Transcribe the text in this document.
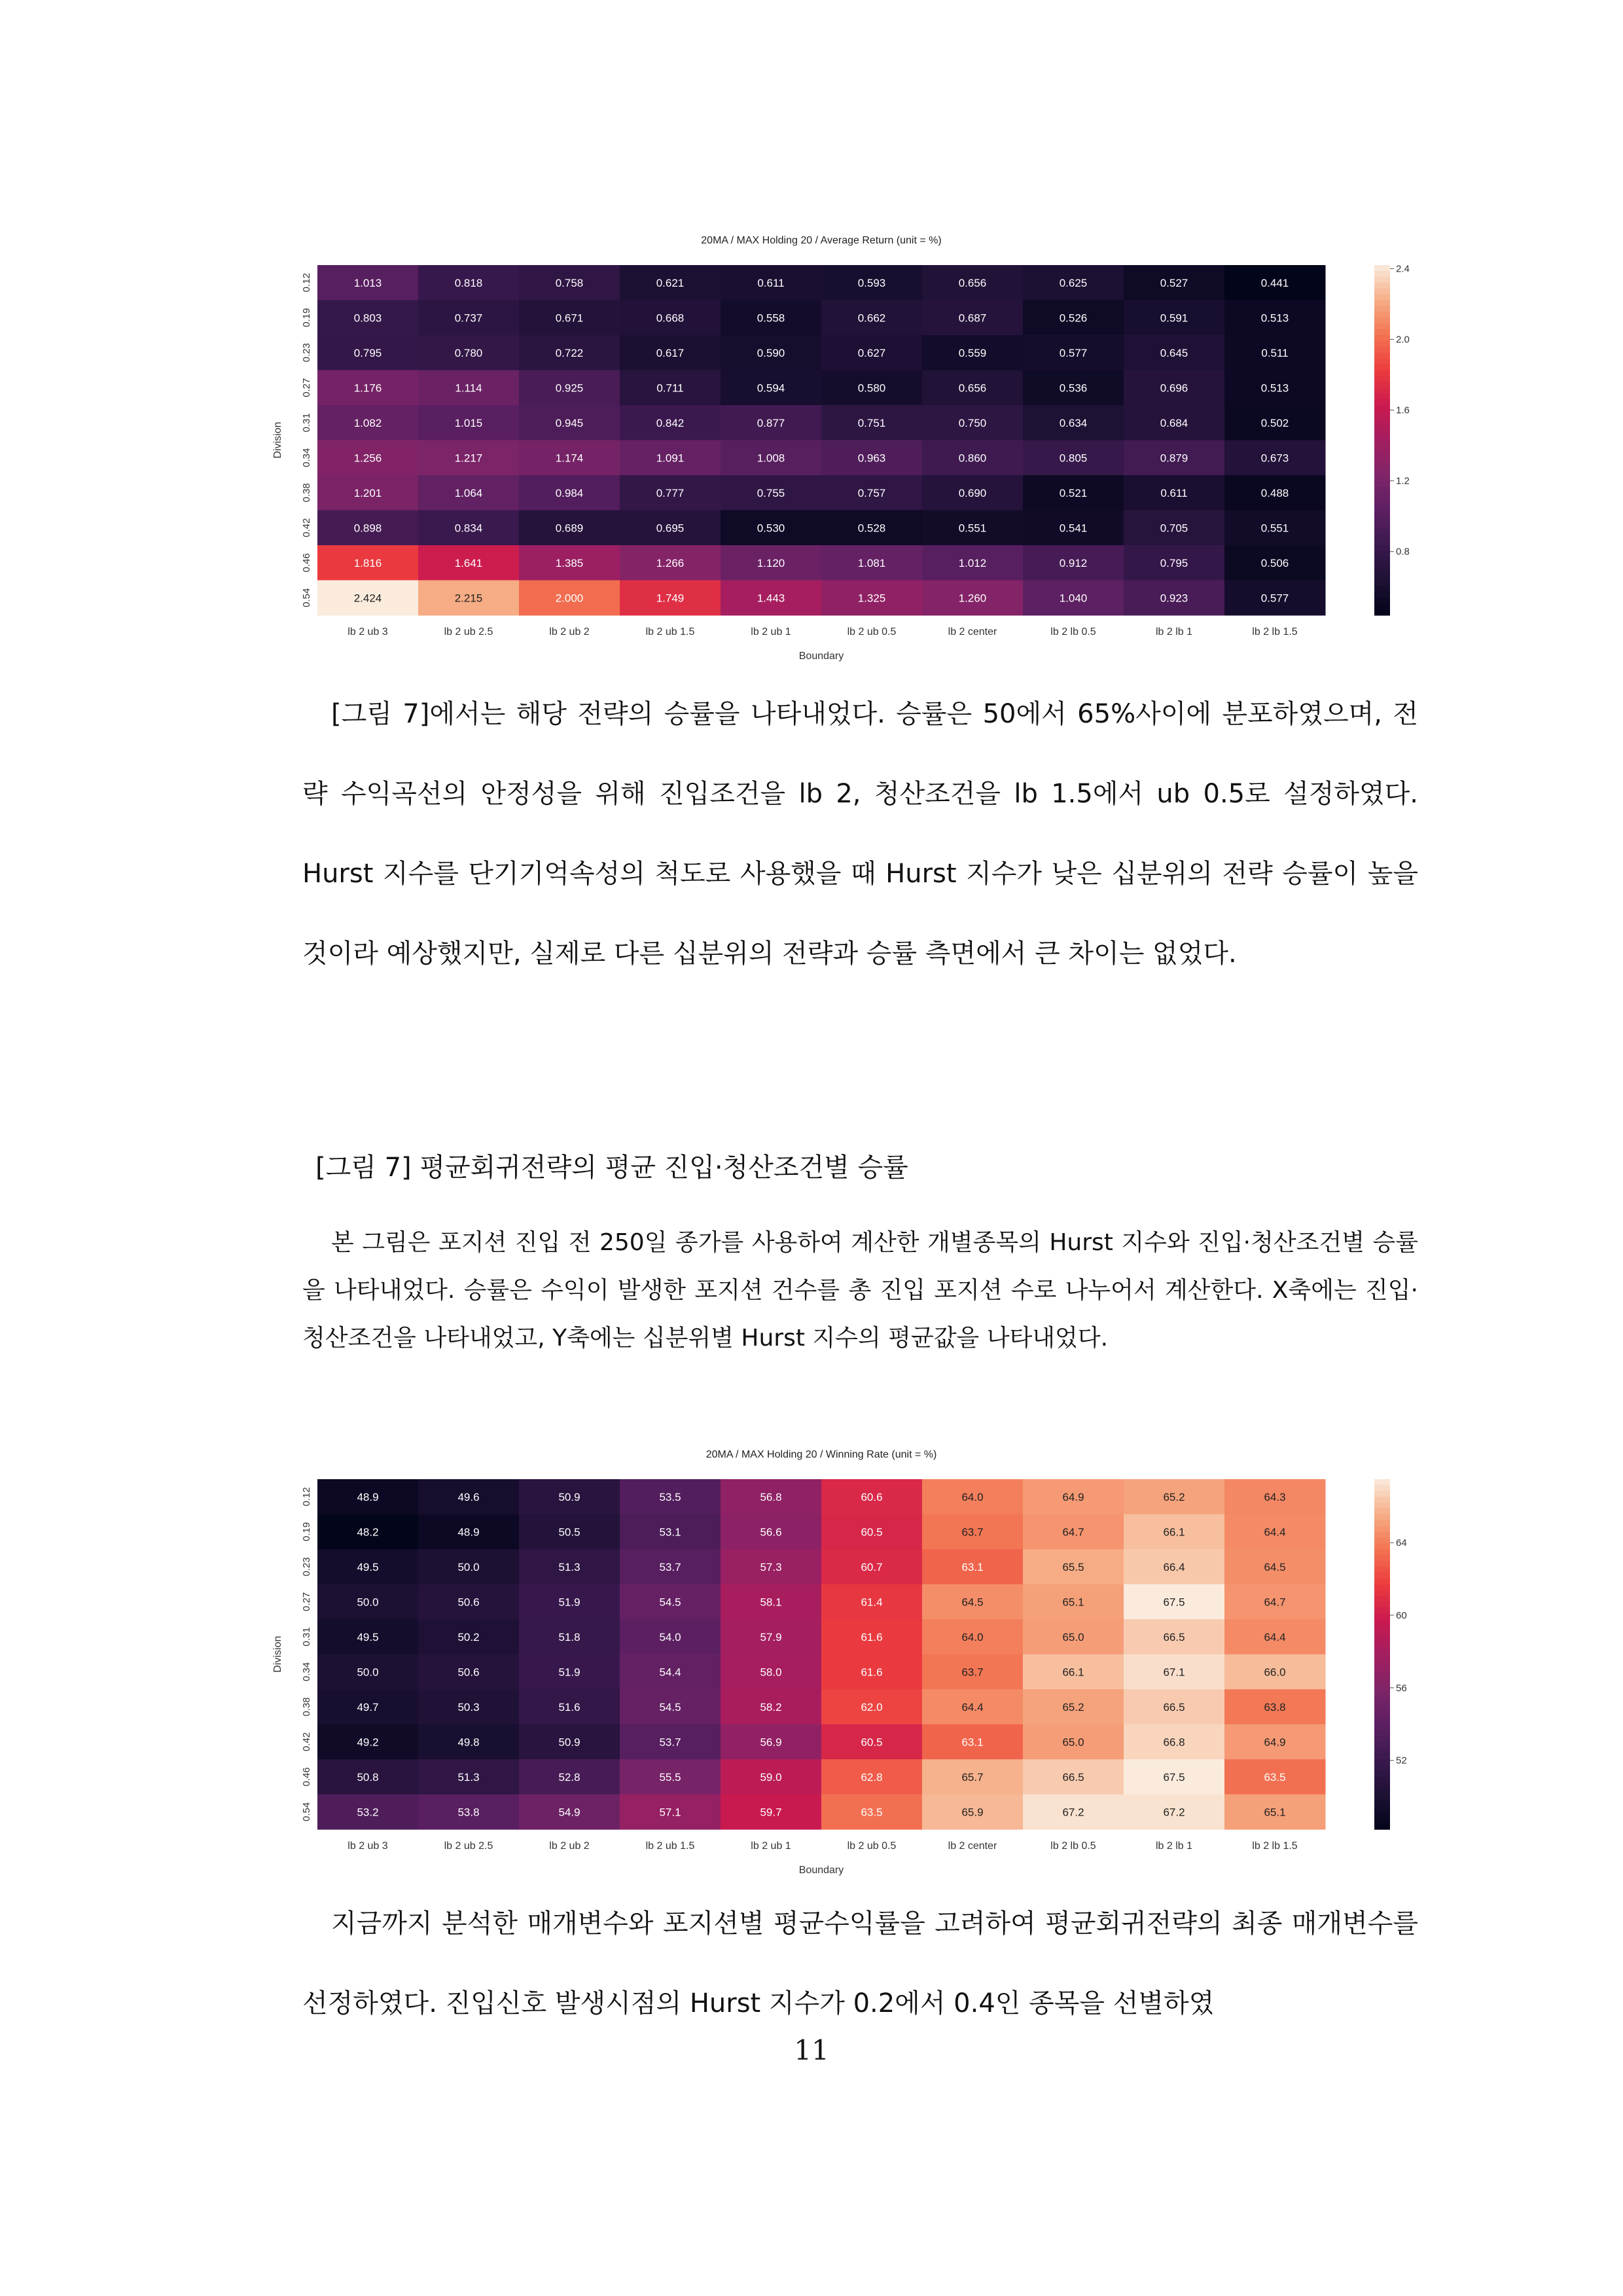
20MA / MAX Holding 20 / Average Return (unit = %)
1.013	0.818	0.758	0.621	0.611	0.593	0.656	0.625	0.527	0.441
0.803	0.737	0.671	0.668	0.558	0.662	0.687	0.526	0.591	0.513
0.795	0.780	0.722	0.617	0.590	0.627	0.559	0.577	0.645	0.511
1.176	1.114	0.925	0.711	0.594	0.580	0.656	0.536	0.696	0.513
1.082	1.015	0.945	0.842	0.877	0.751	0.750	0.634	0.684	0.502
1.256	1.217	1.174	1.091	1.008	0.963	0.860	0.805	0.879	0.673
1.201	1.064	0.984	0.777	0.755	0.757	0.690	0.521	0.611	0.488
0.898	0.834	0.689	0.695	0.530	0.528	0.551	0.541	0.705	0.551
1.816	1.641	1.385	1.266	1.120	1.081	1.012	0.912	0.795	0.506
2.424	2.215	2.000	1.749	1.443	1.325	1.260	1.040	0.923	0.577
lb 2 ub 3	lb 2 ub 2.5	lb 2 ub 2	lb 2 ub 1.5	lb 2 ub 1	lb 2 ub 0.5	lb 2 center	lb 2 lb 0.5	lb 2 lb 1	lb 2 lb 1.5
Boundary
0.12
0.19
0.23
0.27
0.31
0.34
0.38
0.42
0.46
0.54
Division
0.8
1.2
1.6
2.0
2.4

[그림 7]에서는 해당 전략의 승률을 나타내었다. 승률은 50에서 65%사이에 분포하였으며, 전략 수익곡선의 안정성을 위해 진입조건을 lb 2, 청산조건을 lb 1.5에서 ub 0.5로 설정하였다. Hurst 지수를 단기기억속성의 척도로 사용했을 때 Hurst 지수가 낮은 십분위의 전략 승률이 높을 것이라 예상했지만, 실제로 다른 십분위의 전략과 승률 측면에서 큰 차이는 없었다.

[그림 7] 평균회귀전략의 평균 진입·청산조건별 승률

본 그림은 포지션 진입 전 250일 종가를 사용하여 계산한 개별종목의 Hurst 지수와 진입·청산조건별 승률을 나타내었다. 승률은 수익이 발생한 포지션 건수를 총 진입 포지션 수로 나누어서 계산한다. X축에는 진입·청산조건을 나타내었고, Y축에는 십분위별 Hurst 지수의 평균값을 나타내었다.

20MA / MAX Holding 20 / Winning Rate (unit = %)
48.9	49.6	50.9	53.5	56.8	60.6	64.0	64.9	65.2	64.3
48.2	48.9	50.5	53.1	56.6	60.5	63.7	64.7	66.1	64.4
49.5	50.0	51.3	53.7	57.3	60.7	63.1	65.5	66.4	64.5
50.0	50.6	51.9	54.5	58.1	61.4	64.5	65.1	67.5	64.7
49.5	50.2	51.8	54.0	57.9	61.6	64.0	65.0	66.5	64.4
50.0	50.6	51.9	54.4	58.0	61.6	63.7	66.1	67.1	66.0
49.7	50.3	51.6	54.5	58.2	62.0	64.4	65.2	66.5	63.8
49.2	49.8	50.9	53.7	56.9	60.5	63.1	65.0	66.8	64.9
50.8	51.3	52.8	55.5	59.0	62.8	65.7	66.5	67.5	63.5
53.2	53.8	54.9	57.1	59.7	63.5	65.9	67.2	67.2	65.1
lb 2 ub 3	lb 2 ub 2.5	lb 2 ub 2	lb 2 ub 1.5	lb 2 ub 1	lb 2 ub 0.5	lb 2 center	lb 2 lb 0.5	lb 2 lb 1	lb 2 lb 1.5
Boundary
0.12
0.19
0.23
0.27
0.31
0.34
0.38
0.42
0.46
0.54
Division
52
56
60
64

지금까지 분석한 매개변수와 포지션별 평균수익률을 고려하여 평균회귀전략의 최종 매개변수를 선정하였다. 진입신호 발생시점의 Hurst 지수가 0.2에서 0.4인 종목을 선별하였

11
